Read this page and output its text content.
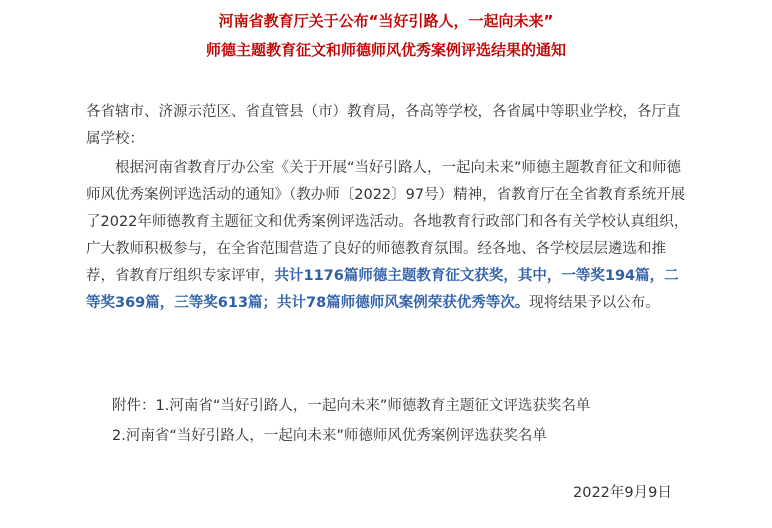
河南省教育厅关于公布“当好引路人，一起向未来”
师德主题教育征文和师德师风优秀案例评选结果的通知
各省辖市、济源示范区、省直管县（市）教育局，各高等学校，各省属中等职业学校，各厅直属学校：

根据河南省教育厅办公室《关于开展“当好引路人，一起向未来”师德主题教育征文和师德师风优秀案例评选活动的通知》（教办师〔2022〕97号）精神，省教育厅在全省教育系统开展了2022年师德教育主题征文和优秀案例评选活动。各地教育行政部门和各有关学校认真组织，广大教师积极参与，在全省范围营造了良好的师德教育氛围。经各地、各学校层层遴选和推荐，省教育厅组织专家评审，共计1176篇师德主题教育征文获奖，其中，一等奖194篇，二等奖369篇，三等奖613篇；共计78篇师德师风案例荣获优秀等次。现将结果予以公布。

附件：1.河南省“当好引路人，一起向未来”师德教育主题征文评选获奖名单
2.河南省“当好引路人，一起向未来”师德师风优秀案例评选获奖名单
2022年9月9日
